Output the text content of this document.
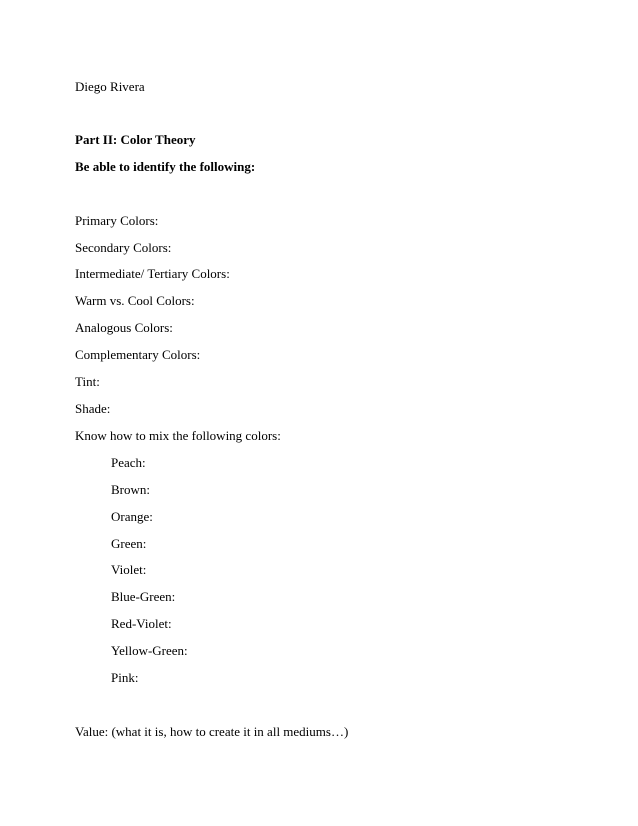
Diego Rivera
Part II: Color Theory
Be able to identify the following:
Primary Colors:
Secondary Colors:
Intermediate/ Tertiary Colors:
Warm vs. Cool Colors:
Analogous Colors:
Complementary Colors:
Tint:
Shade:
Know how to mix the following colors:
Peach:
Brown:
Orange:
Green:
Violet:
Blue-Green:
Red-Violet:
Yellow-Green:
Pink:
Value: (what it is, how to create it in all mediums…)
